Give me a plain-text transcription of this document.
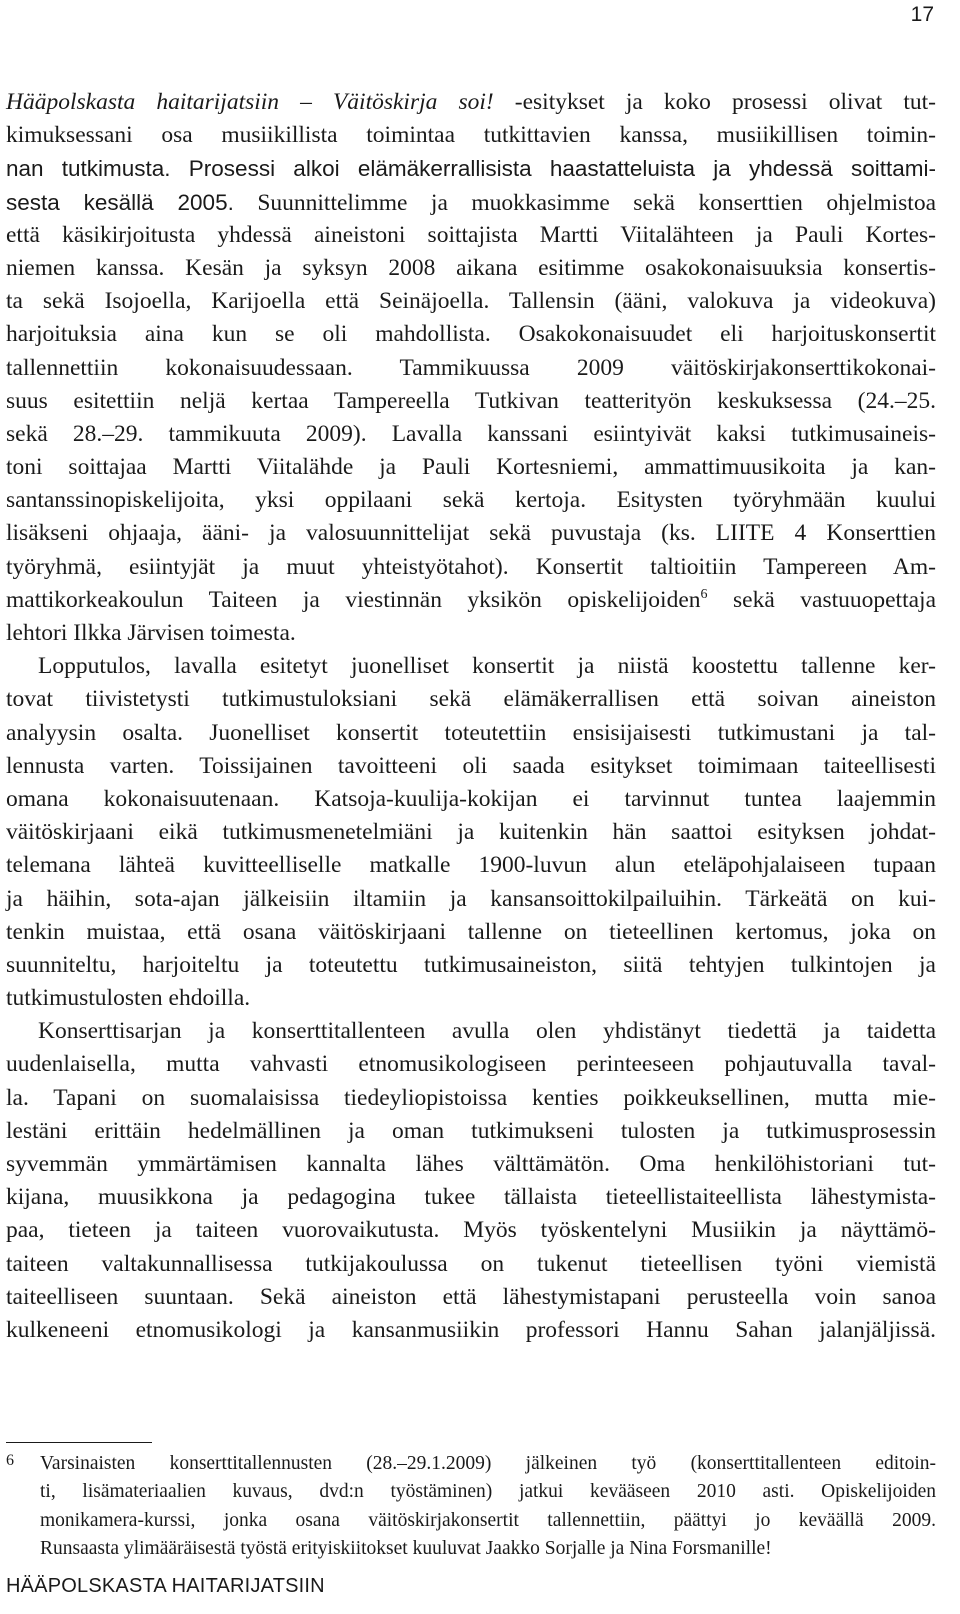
17
Hääpolskasta haitarijatsiin – Väitöskirja soi! -esitykset ja koko prosessi olivat tut-
kimuksessani osa musiikillista toimintaa tutkittavien kanssa, musiikillisen toimin-
nan tutkimusta. Prosessi alkoi elämäkerrallisista haastatteluista ja yhdessä soittami-
sesta kesällä 2005. Suunnittelimme ja muokkasimme sekä konserttien ohjelmistoa
että käsikirjoitusta yhdessä aineistoni soittajista Martti Viitalähteen ja Pauli Kortes-
niemen kanssa. Kesän ja syksyn 2008 aikana esitimme osakokonaisuuksia konsertis-
ta sekä Isojoella, Karijoella että Seinäjoella. Tallensin (ääni, valokuva ja videokuva)
harjoituksia aina kun se oli mahdollista. Osakokonaisuudet eli harjoituskonsertit
tallennettiin kokonaisuudessaan. Tammikuussa 2009 väitöskirjakonserttikokonai-
suus esitettiin neljä kertaa Tampereella Tutkivan teatterityön keskuksessa (24.–25.
sekä 28.–29. tammikuuta 2009). Lavalla kanssani esiintyivät kaksi tutkimusaineis-
toni soittajaa Martti Viitalähde ja Pauli Kortesniemi, ammattimuusikoita ja kan-
santanssinopiskelijoita, yksi oppilaani sekä kertoja. Esitysten työryhmään kuului
lisäkseni ohjaaja, ääni- ja valosuunnittelijat sekä puvustaja (ks. LIITE 4 Konserttien
työryhmä, esiintyjät ja muut yhteistyötahot). Konsertit taltioitiin Tampereen Am-
mattikorkeakoulun Taiteen ja viestinnän yksikön opiskelijoiden$^6$ sekä vastuuopettaja
lehtori Ilkka Järvisen toimesta.
Lopputulos, lavalla esitetyt juonelliset konsertit ja niistä koostettu tallenne ker-
tovat tiivistetysti tutkimustuloksiani sekä elämäkerrallisen että soivan aineiston
analyysin osalta. Juonelliset konsertit toteutettiin ensisijaisesti tutkimustani ja tal-
lennusta varten. Toissijainen tavoitteeni oli saada esitykset toimimaan taiteellisesti
omana kokonaisuutenaan. Katsoja-kuulija-kokijan ei tarvinnut tuntea laajemmin
väitöskirjaani eikä tutkimusmenetelmiäni ja kuitenkin hän saattoi esityksen johdat-
telemana lähteä kuvitteelliselle matkalle 1900-luvun alun eteläpohjalaiseen tupaan
ja häihin, sota-ajan jälkeisiin iltamiin ja kansansoittokilpailuihin. Tärkeätä on kui-
tenkin muistaa, että osana väitöskirjaani tallenne on tieteellinen kertomus, joka on
suunniteltu, harjoiteltu ja toteutettu tutkimusaineiston, siitä tehtyjen tulkintojen ja
tutkimustulosten ehdoilla.
Konserttisarjan ja konserttitallenteen avulla olen yhdistänyt tiedettä ja taidetta
uudenlaisella, mutta vahvasti etnomusikologiseen perinteeseen pohjautuvalla taval-
la. Tapani on suomalaisissa tiedeyliopistoissa kenties poikkeuksellinen, mutta mie-
lestäni erittäin hedelmällinen ja oman tutkimukseni tulosten ja tutkimusprosessin
syvemmän ymmärtämisen kannalta lähes välttämätön. Oma henkilöhistoriani tut-
kijana, muusikkona ja pedagogina tukee tällaista tieteellistaiteellista lähestymista-
paa, tieteen ja taiteen vuorovaikutusta. Myös työskentelyni Musiikin ja näyttämö-
taiteen valtakunnallisessa tutkijakoulussa on tukenut tieteellisen työni viemistä
taiteelliseen suuntaan. Sekä aineiston että lähestymistapani perusteella voin sanoa
kulkeneeni etnomusikologi ja kansanmusiikin professori Hannu Sahan jalanjäljissä.
6 Varsinaisten konserttitallennusten (28.–29.1.2009) jälkeinen työ (konserttitallenteen editoin-
ti, lisämateriaalien kuvaus, dvd:n työstäminen) jatkui kevääseen 2010 asti. Opiskelijoiden
monikamera-kurssi, jonka osana väitöskirjakonsertit tallennettiin, päättyi jo keväällä 2009.
Runsaasta ylimääräisestä työstä erityiskiitokset kuuluvat Jaakko Sorjalle ja Nina Forsmanille!
HÄÄPOLSKASTA HAITARIJATSIIN
